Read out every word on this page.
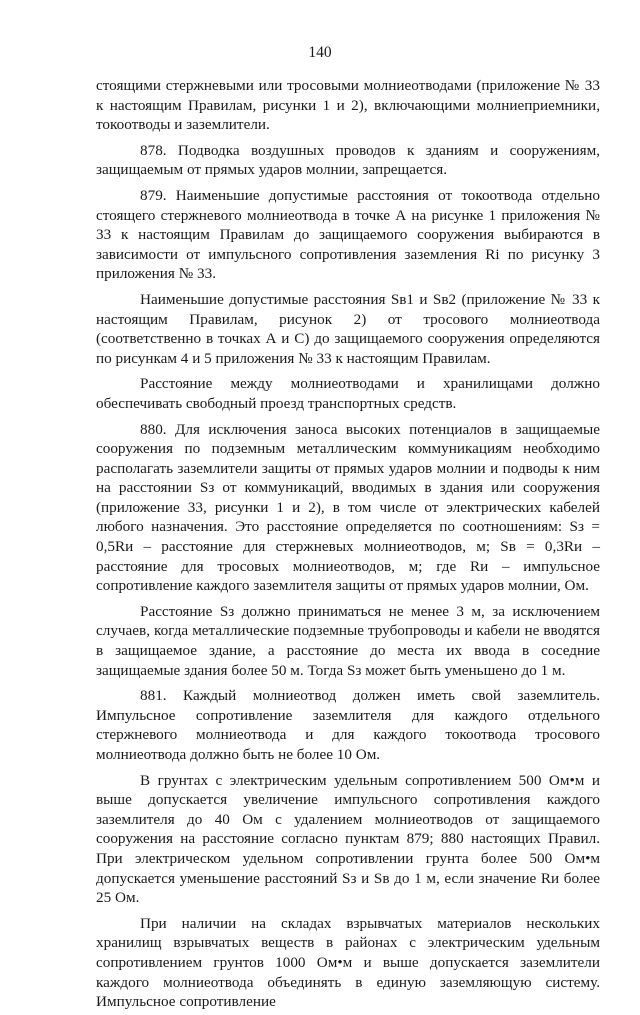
140

стоящими стержневыми или тросовыми молниеотводами (приложение № 33 к настоящим Правилам, рисунки 1 и 2), включающими молниеприемники, токоотводы и заземлители.

878. Подводка воздушных проводов к зданиям и сооружениям, защищаемым от прямых ударов молнии, запрещается.

879. Наименьшие допустимые расстояния от токоотвода отдельно стоящего стержневого молниеотвода в точке А на рисунке 1 приложения № 33 к настоящим Правилам до защищаемого сооружения выбираются в зависимости от импульсного сопротивления заземления Ri по рисунку 3 приложения № 33.

Наименьшие допустимые расстояния Sв1 и Sв2 (приложение № 33 к настоящим Правилам, рисунок 2) от тросового молниеотвода (соответственно в точках А и С) до защищаемого сооружения определяются по рисункам 4 и 5 приложения № 33 к настоящим Правилам.

Расстояние между молниеотводами и хранилищами должно обеспечивать свободный проезд транспортных средств.

880. Для исключения заноса высоких потенциалов в защищаемые сооружения по подземным металлическим коммуникациям необходимо располагать заземлители защиты от прямых ударов молнии и подводы к ним на расстоянии Sз от коммуникаций, вводимых в здания или сооружения (приложение 33, рисунки 1 и 2), в том числе от электрических кабелей любого назначения. Это расстояние определяется по соотношениям: Sз = 0,5Rи – расстояние для стержневых молниеотводов, м; Sв = 0,3Rи – расстояние для тросовых молниеотводов, м; где Rи – импульсное сопротивление каждого заземлителя защиты от прямых ударов молнии, Ом.

Расстояние Sз должно приниматься не менее 3 м, за исключением случаев, когда металлические подземные трубопроводы и кабели не вводятся в защищаемое здание, а расстояние до места их ввода в соседние защищаемые здания более 50 м. Тогда Sз может быть уменьшено до 1 м.

881. Каждый молниеотвод должен иметь свой заземлитель. Импульсное сопротивление заземлителя для каждого отдельного стержневого молниеотвода и для каждого токоотвода тросового молниеотвода должно быть не более 10 Ом.

В грунтах с электрическим удельным сопротивлением 500 Ом•м и выше допускается увеличение импульсного сопротивления каждого заземлителя до 40 Ом с удалением молниеотводов от защищаемого сооружения на расстояние согласно пунктам 879; 880 настоящих Правил. При электрическом удельном сопротивлении грунта более 500 Ом•м допускается уменьшение расстояний Sз и Sв до 1 м, если значение Rи более 25 Ом.

При наличии на складах взрывчатых материалов нескольких хранилищ взрывчатых веществ в районах с электрическим удельным сопротивлением грунтов 1000 Ом•м и выше допускается заземлители каждого молниеотвода объединять в единую заземляющую систему. Импульсное сопротивление
